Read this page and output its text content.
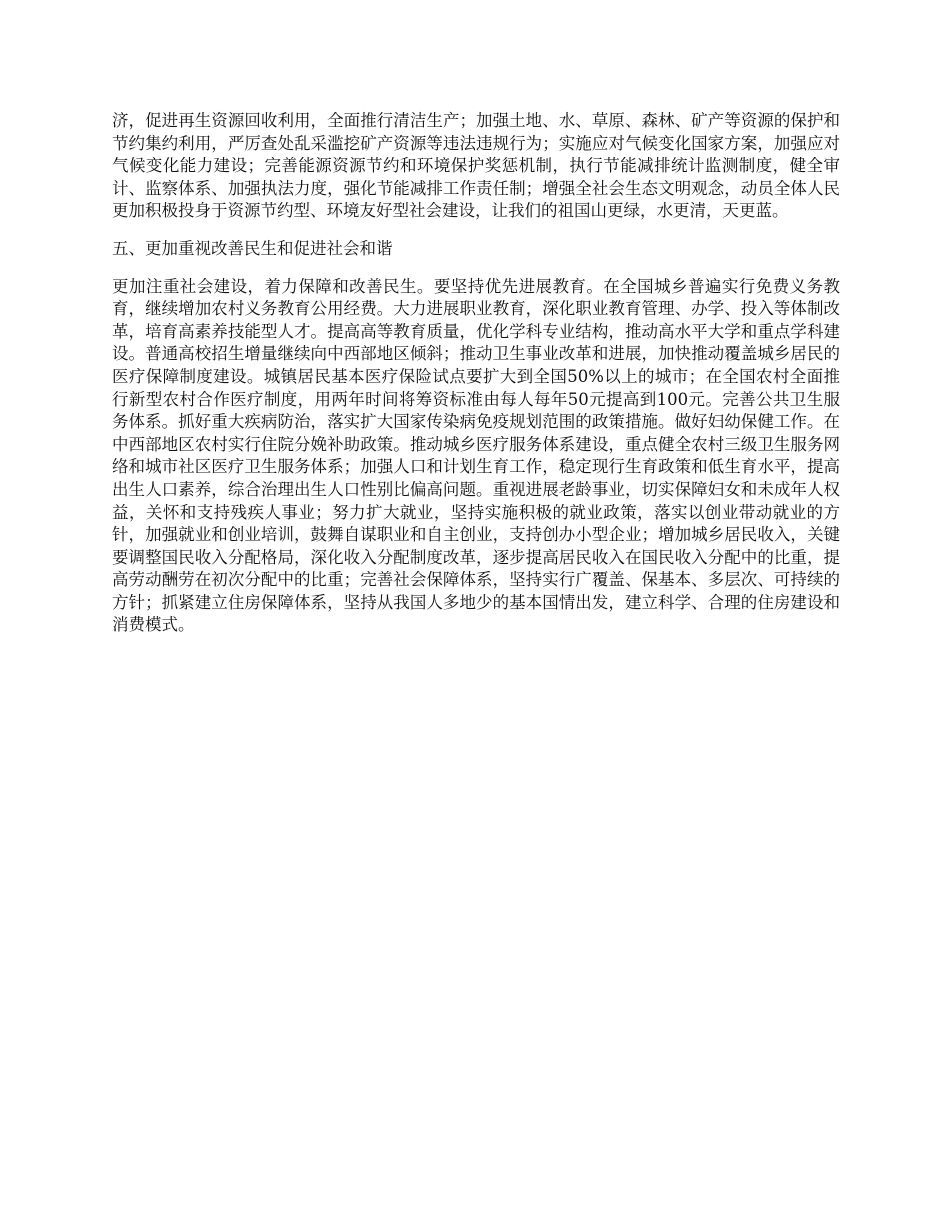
济，促进再生资源回收利用，全面推行清洁生产；加强土地、水、草原、森林、矿产等资源的保护和节约集约利用，严厉查处乱采滥挖矿产资源等违法违规行为；实施应对气候变化国家方案，加强应对气候变化能力建设；完善能源资源节约和环境保护奖惩机制，执行节能减排统计监测制度，健全审计、监察体系、加强执法力度，强化节能减排工作责任制；增强全社会生态文明观念，动员全体人民更加积极投身于资源节约型、环境友好型社会建设，让我们的祖国山更绿，水更清，天更蓝。

五、更加重视改善民生和促进社会和谐

更加注重社会建设，着力保障和改善民生。要坚持优先进展教育。在全国城乡普遍实行免费义务教育，继续增加农村义务教育公用经费。大力进展职业教育，深化职业教育管理、办学、投入等体制改革，培育高素养技能型人才。提高高等教育质量，优化学科专业结构，推动高水平大学和重点学科建设。普通高校招生增量继续向中西部地区倾斜；推动卫生事业改革和进展，加快推动覆盖城乡居民的医疗保障制度建设。城镇居民基本医疗保险试点要扩大到全国50%以上的城市；在全国农村全面推行新型农村合作医疗制度，用两年时间将筹资标准由每人每年50元提高到100元。完善公共卫生服务体系。抓好重大疾病防治，落实扩大国家传染病免疫规划范围的政策措施。做好妇幼保健工作。在中西部地区农村实行住院分娩补助政策。推动城乡医疗服务体系建设，重点健全农村三级卫生服务网络和城市社区医疗卫生服务体系；加强人口和计划生育工作，稳定现行生育政策和低生育水平，提高出生人口素养，综合治理出生人口性别比偏高问题。重视进展老龄事业，切实保障妇女和未成年人权益，关怀和支持残疾人事业；努力扩大就业，坚持实施积极的就业政策，落实以创业带动就业的方针，加强就业和创业培训，鼓舞自谋职业和自主创业，支持创办小型企业；增加城乡居民收入，关键要调整国民收入分配格局，深化收入分配制度改革，逐步提高居民收入在国民收入分配中的比重，提高劳动酬劳在初次分配中的比重；完善社会保障体系，坚持实行广覆盖、保基本、多层次、可持续的方针；抓紧建立住房保障体系，坚持从我国人多地少的基本国情出发，建立科学、合理的住房建设和消费模式。
